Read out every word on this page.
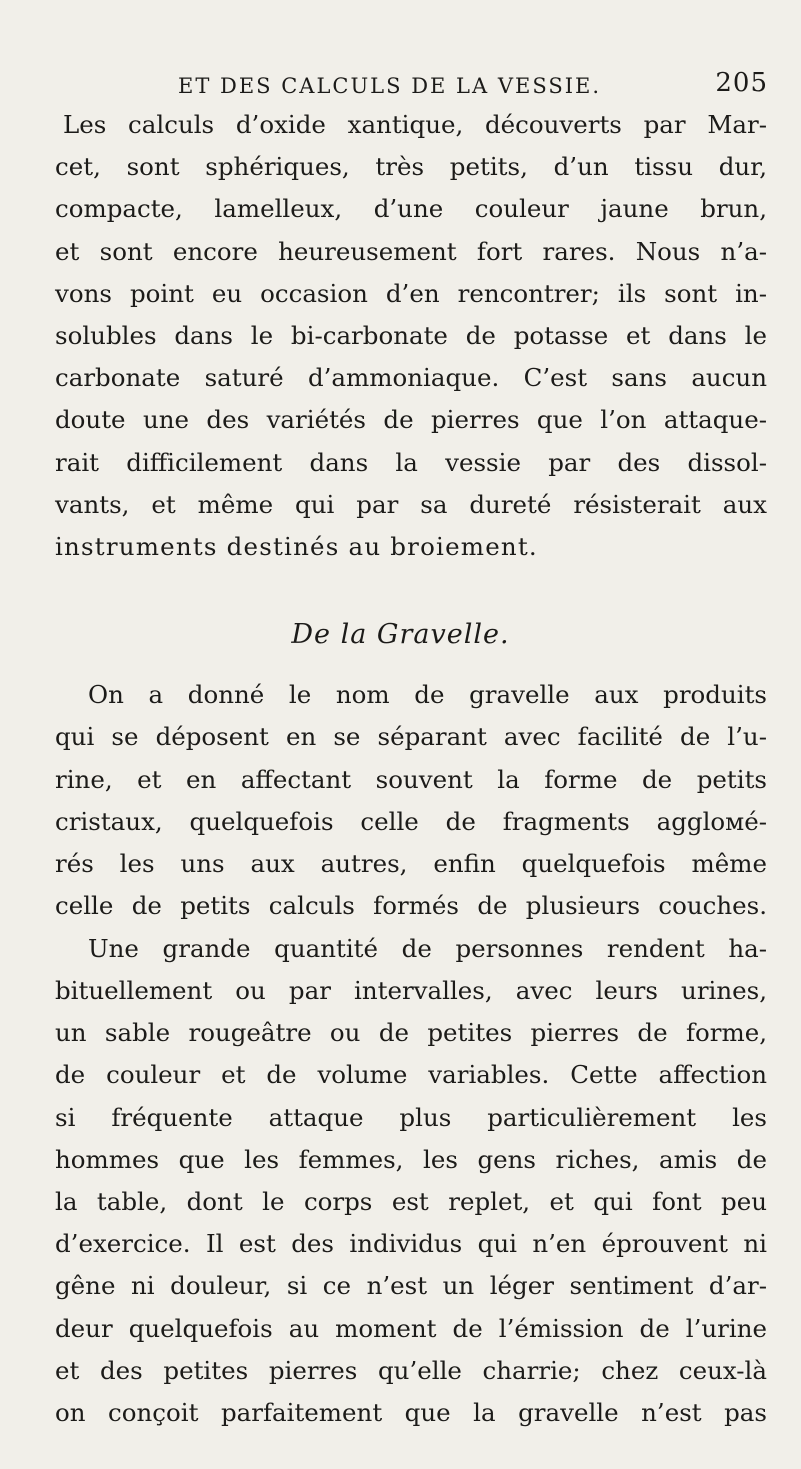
ET DES CALCULS DE LA VESSIE.	205
Les calculs d’oxide xantique, découverts par Mar-
cet, sont sphériques, très petits, d’un tissu dur,
compacte, lamelleux, d’une couleur jaune brun,
et sont encore heureusement fort rares. Nous n’a-
vons point eu occasion d’en rencontrer; ils sont in-
solubles dans le bi-carbonate de potasse et dans le
carbonate saturé d’ammoniaque. C’est sans aucun
doute une des variétés de pierres que l’on attaque-
rait difficilement dans la vessie par des dissol-
vants, et même qui par sa dureté résisterait aux
instruments destinés au broiement.
De la Gravelle.
On a donné le nom de gravelle aux produits
qui se déposent en se séparant avec facilité de l’u-
rine, et en affectant souvent la forme de petits
cristaux, quelquefois celle de fragments aggloмé-
rés les uns aux autres, enfin quelquefois même
celle de petits calculs formés de plusieurs couches.
Une grande quantité de personnes rendent ha-
bituellement ou par intervalles, avec leurs urines,
un sable rougeâtre ou de petites pierres de forme,
de couleur et de volume variables. Cette affection
si fréquente attaque plus particulièrement les
hommes que les femmes, les gens riches, amis de
la table, dont le corps est replet, et qui font peu
d’exercice. Il est des individus qui n’en éprouvent ni
gêne ni douleur, si ce n’est un léger sentiment d’ar-
deur quelquefois au moment de l’émission de l’urine
et des petites pierres qu’elle charrie; chez ceux-là
on conçoit parfaitement que la gravelle n’est pas
